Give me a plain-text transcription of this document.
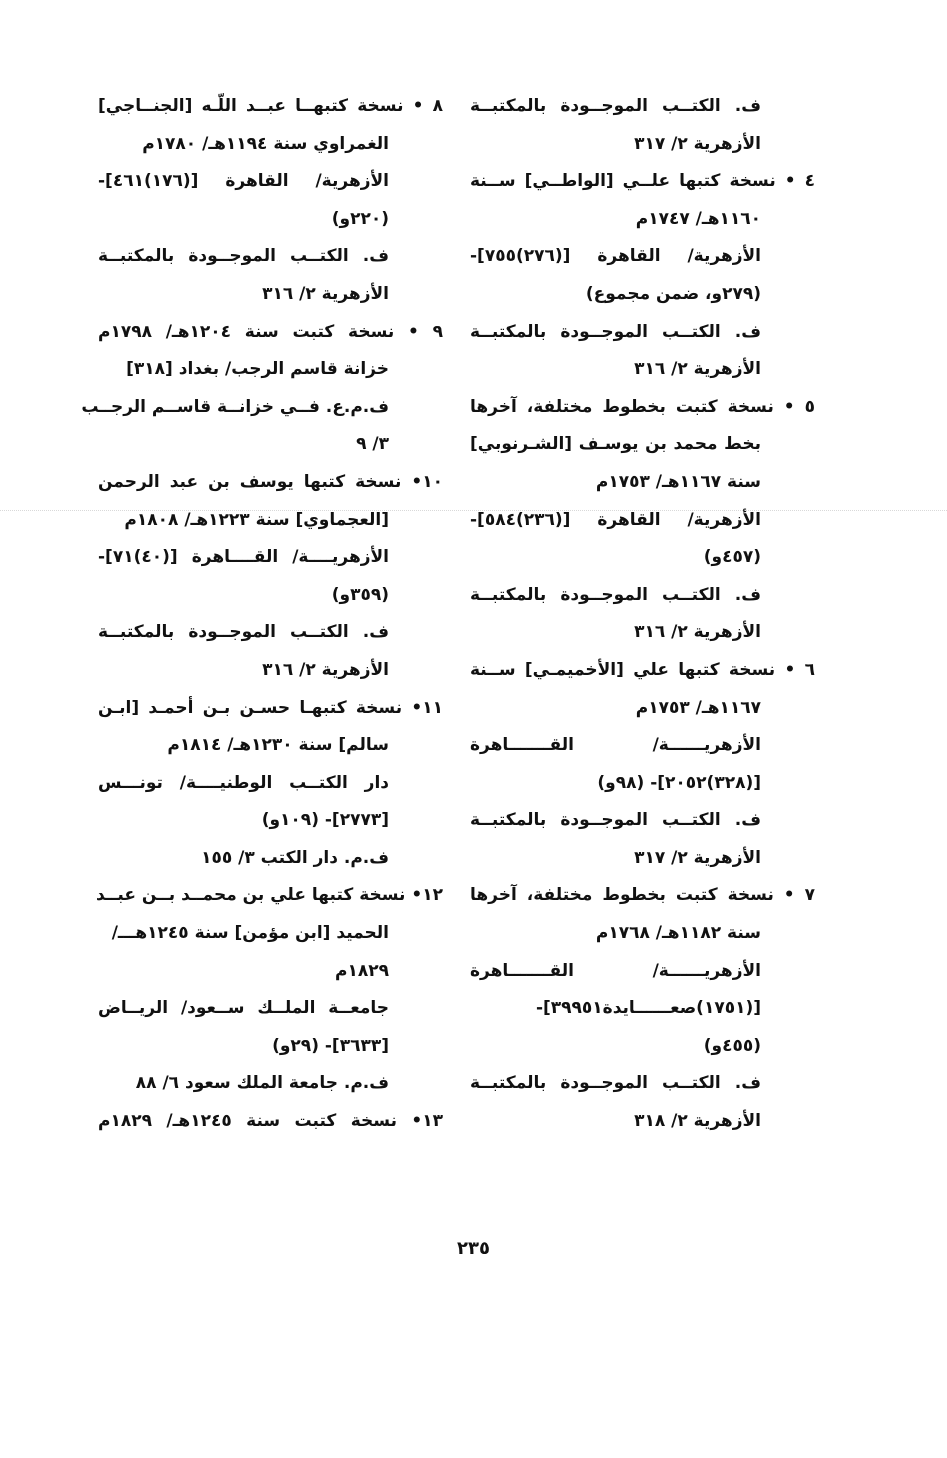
ف. الكتــب الموجــودة بالمكتبــة
الأزهرية ٢/ ٣١٧
٤ • نسخة كتبها علــي [الواطــي] ســنة
١١٦٠هـ/ ١٧٤٧م
الأزهرية/ القاهرة [(٢٧٦)٧٥٥]-
(٢٧٩و، ضمن مجموع)
ف. الكتــب الموجــودة بالمكتبــة
الأزهرية ٢/ ٣١٦
٥ • نسخة كتبت بخطوط مختلفة، آخرها
بخط محمد بن يوسـف [الشـرنوبي]
سنة ١١٦٧هـ/ ١٧٥٣م
الأزهرية/ القاهرة [(٢٣٦)٥٨٤]-
(٤٥٧و)
ف. الكتــب الموجــودة بالمكتبــة
الأزهرية ٢/ ٣١٦
٦ • نسخة كتبها علي [الأخميمـي] ســنة
١١٦٧هـ/ ١٧٥٣م
الأزهريــــــة/ القـــــــاهرة
[(٣٢٨)٢٠٥٢]- (٩٨و)
ف. الكتــب الموجــودة بالمكتبــة
الأزهرية ٢/ ٣١٧
٧ • نسخة كتبت بخطوط مختلفة، آخرها
سنة ١١٨٢هـ/ ١٧٦٨م
الأزهريــــــة/ القـــــــاهرة
[(١٧٥١)صعــــــايدة٣٩٩٥١]-
(٤٥٥و)
ف. الكتــب الموجــودة بالمكتبــة
الأزهرية ٢/ ٣١٨
٨ • نسخة كتبهــا عبــد اللّـه [الجنــاجي]
الغمراوي سنة ١١٩٤هـ/ ١٧٨٠م
الأزهرية/ القاهرة [(١٧٦)٤٦١]-
(٢٢٠و)
ف. الكتــب الموجــودة بالمكتبــة
الأزهرية ٢/ ٣١٦
٩ • نسخة كتبت سنة ١٢٠٤هـ/ ١٧٩٨م
خزانة قاسم الرجب/ بغداد [٣١٨]
ف.م.ع. فــي خزانــة قاســم الرجــب
٣/ ٩
١٠• نسخة كتبها يوسف بن عبد الرحمن
[العجماوي] سنة ١٢٢٣هـ/ ١٨٠٨م
الأزهريــــة/ القــــاهرة [(٤٠)٧١]-
(٣٥٩و)
ف. الكتــب الموجــودة بالمكتبــة
الأزهرية ٢/ ٣١٦
١١• نسخة كتبهـا حسـن بـن أحمـد [ابـن
سالم] سنة ١٢٣٠هـ/ ١٨١٤م
دار الكتــب الوطنيــــة/ تونـــس
[٢٧٧٣]- (١٠٩و)
ف.م. دار الكتب ٣/ ١٥٥
١٢• نسخة كتبها علي بن محمــد بــن عبــد
الحميد [ابن مؤمن] سنة ١٢٤٥هـــ/
١٨٢٩م
جامعــة الملــك ســعود/ الريــاض
[٣٦٣٣]- (٢٩و)
ف.م. جامعة الملك سعود ٦/ ٨٨
١٣• نسخة كتبت سنة ١٢٤٥هـ/ ١٨٢٩م
٢٣٥
